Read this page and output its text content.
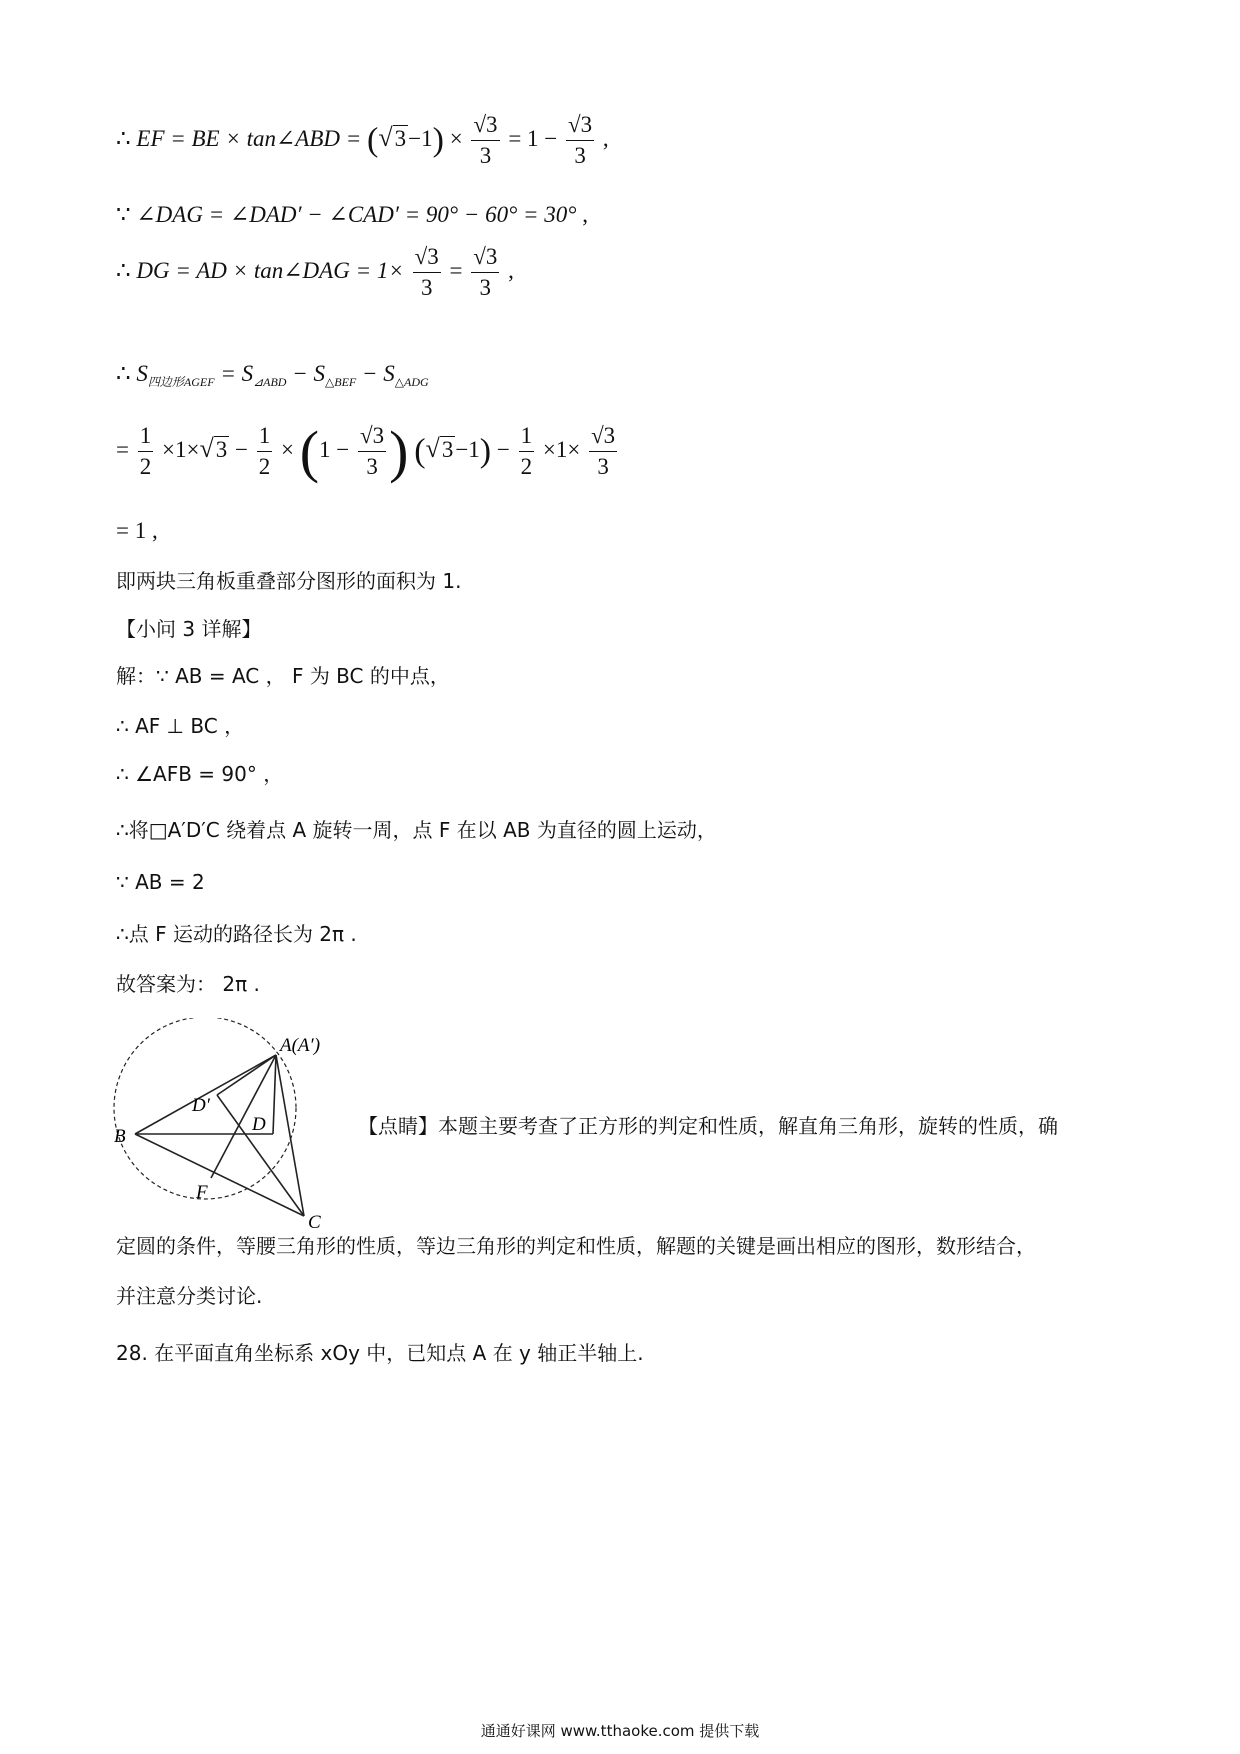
∴ EF = BE × tan∠ABD = $(√3-1) \times \frac{√3}{3} = 1 - \frac{√3}{3}$ ,
∵ ∠DAG = ∠DAD′ − ∠CAD′ = 90° − 60° = 30° ,
∴ DG = AD × tan∠DAG = $1\times \frac{√3}{3} = \frac{√3}{3}$ ,
∴ $S_{四边形AGEF} = S_{⊿ABD} - S_{\triangle BEF} - S_{\triangle ADG}$
= $\frac{1}{2} \times 1\times√3 - \frac{1}{2} \times (1 - \frac{√3}{3}$ ) $(√3-1) - \frac{1}{2} \times 1\times \frac{√3}{3}$
= 1 ,
即两块三角板重叠部分图形的面积为 1.
【小问 3 详解】
解：∵ AB = AC ， F 为 BC 的中点，
∴ AF ⊥ BC ，
∴ ∠AFB = 90° ，
∴将□A′D′C 绕着点 A 旋转一周，点 F 在以 AB 为直径的圆上运动，
∵ AB = 2
∴点 F 运动的路径长为 2π .
故答案为： 2π .
A(A′)
B
C
D
D′
F
【点睛】本题主要考查了正方形的判定和性质，解直角三角形，旋转的性质，确
定圆的条件，等腰三角形的性质，等边三角形的判定和性质，解题的关键是画出相应的图形，数形结合，
并注意分类讨论.
28. 在平面直角坐标系 xOy 中，已知点 A 在 y 轴正半轴上.
通通好课网 www.tthaoke.com 提供下载
